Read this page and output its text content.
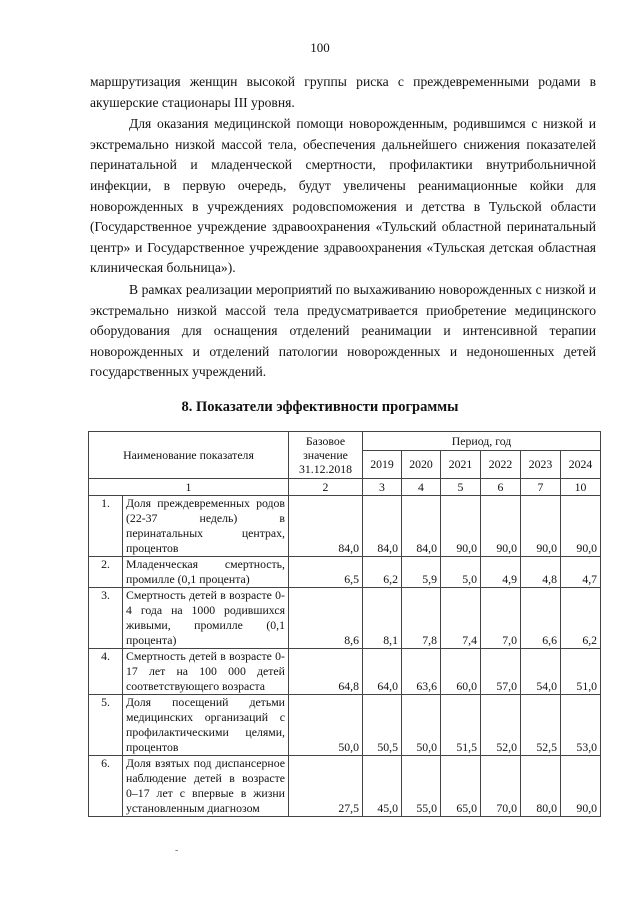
100

маршрутизация женщин высокой группы риска с преждевременными родами в акушерские стационары III уровня.

Для оказания медицинской помощи новорожденным, родившимся с низкой и экстремально низкой массой тела, обеспечения дальнейшего снижения показателей перинатальной и младенческой смертности, профилактики внутрибольничной инфекции, в первую очередь, будут увеличены реанимационные койки для новорожденных в учреждениях родовспоможения и детства в Тульской области (Государственное учреждение здравоохранения «Тульский областной перинатальный центр» и Государственное учреждение здравоохранения «Тульская детская областная клиническая больница»).

В рамках реализации мероприятий по выхаживанию новорожденных с низкой и экстремально низкой массой тела предусматривается приобретение медицинского оборудования для оснащения отделений реанимации и интенсивной терапии новорожденных и отделений патологии новорожденных и недоношенных детей государственных учреждений.

8. Показатели эффективности программы
Наименование показателя		Базовое значение 31.12.2018	Период, год					
			2019	2020	2021	2022	2023	2024
1		2	3	4	5	6	7	10
1.	Доля преждевременных родов (22-37 недель) в перинатальных центрах, процентов	84,0	84,0	84,0	90,0	90,0	90,0	90,0
2.	Младенческая смертность, промилле (0,1 процента)	6,5	6,2	5,9	5,0	4,9	4,8	4,7
3.	Смертность детей в возрасте 0-4 года на 1000 родившихся живыми, промилле (0,1 процента)	8,6	8,1	7,8	7,4	7,0	6,6	6,2
4.	Смертность детей в возрасте 0-17 лет на 100 000 детей соответствующего возраста	64,8	64,0	63,6	60,0	57,0	54,0	51,0
5.	Доля посещений детьми медицинских организаций с профилактическими целями, процентов	50,0	50,5	50,0	51,5	52,0	52,5	53,0
6.	Доля взятых под диспансерное наблюдение детей в возрасте 0–17 лет с впервые в жизни установленным диагнозом	27,5	45,0	55,0	65,0	70,0	80,0	90,0
-
